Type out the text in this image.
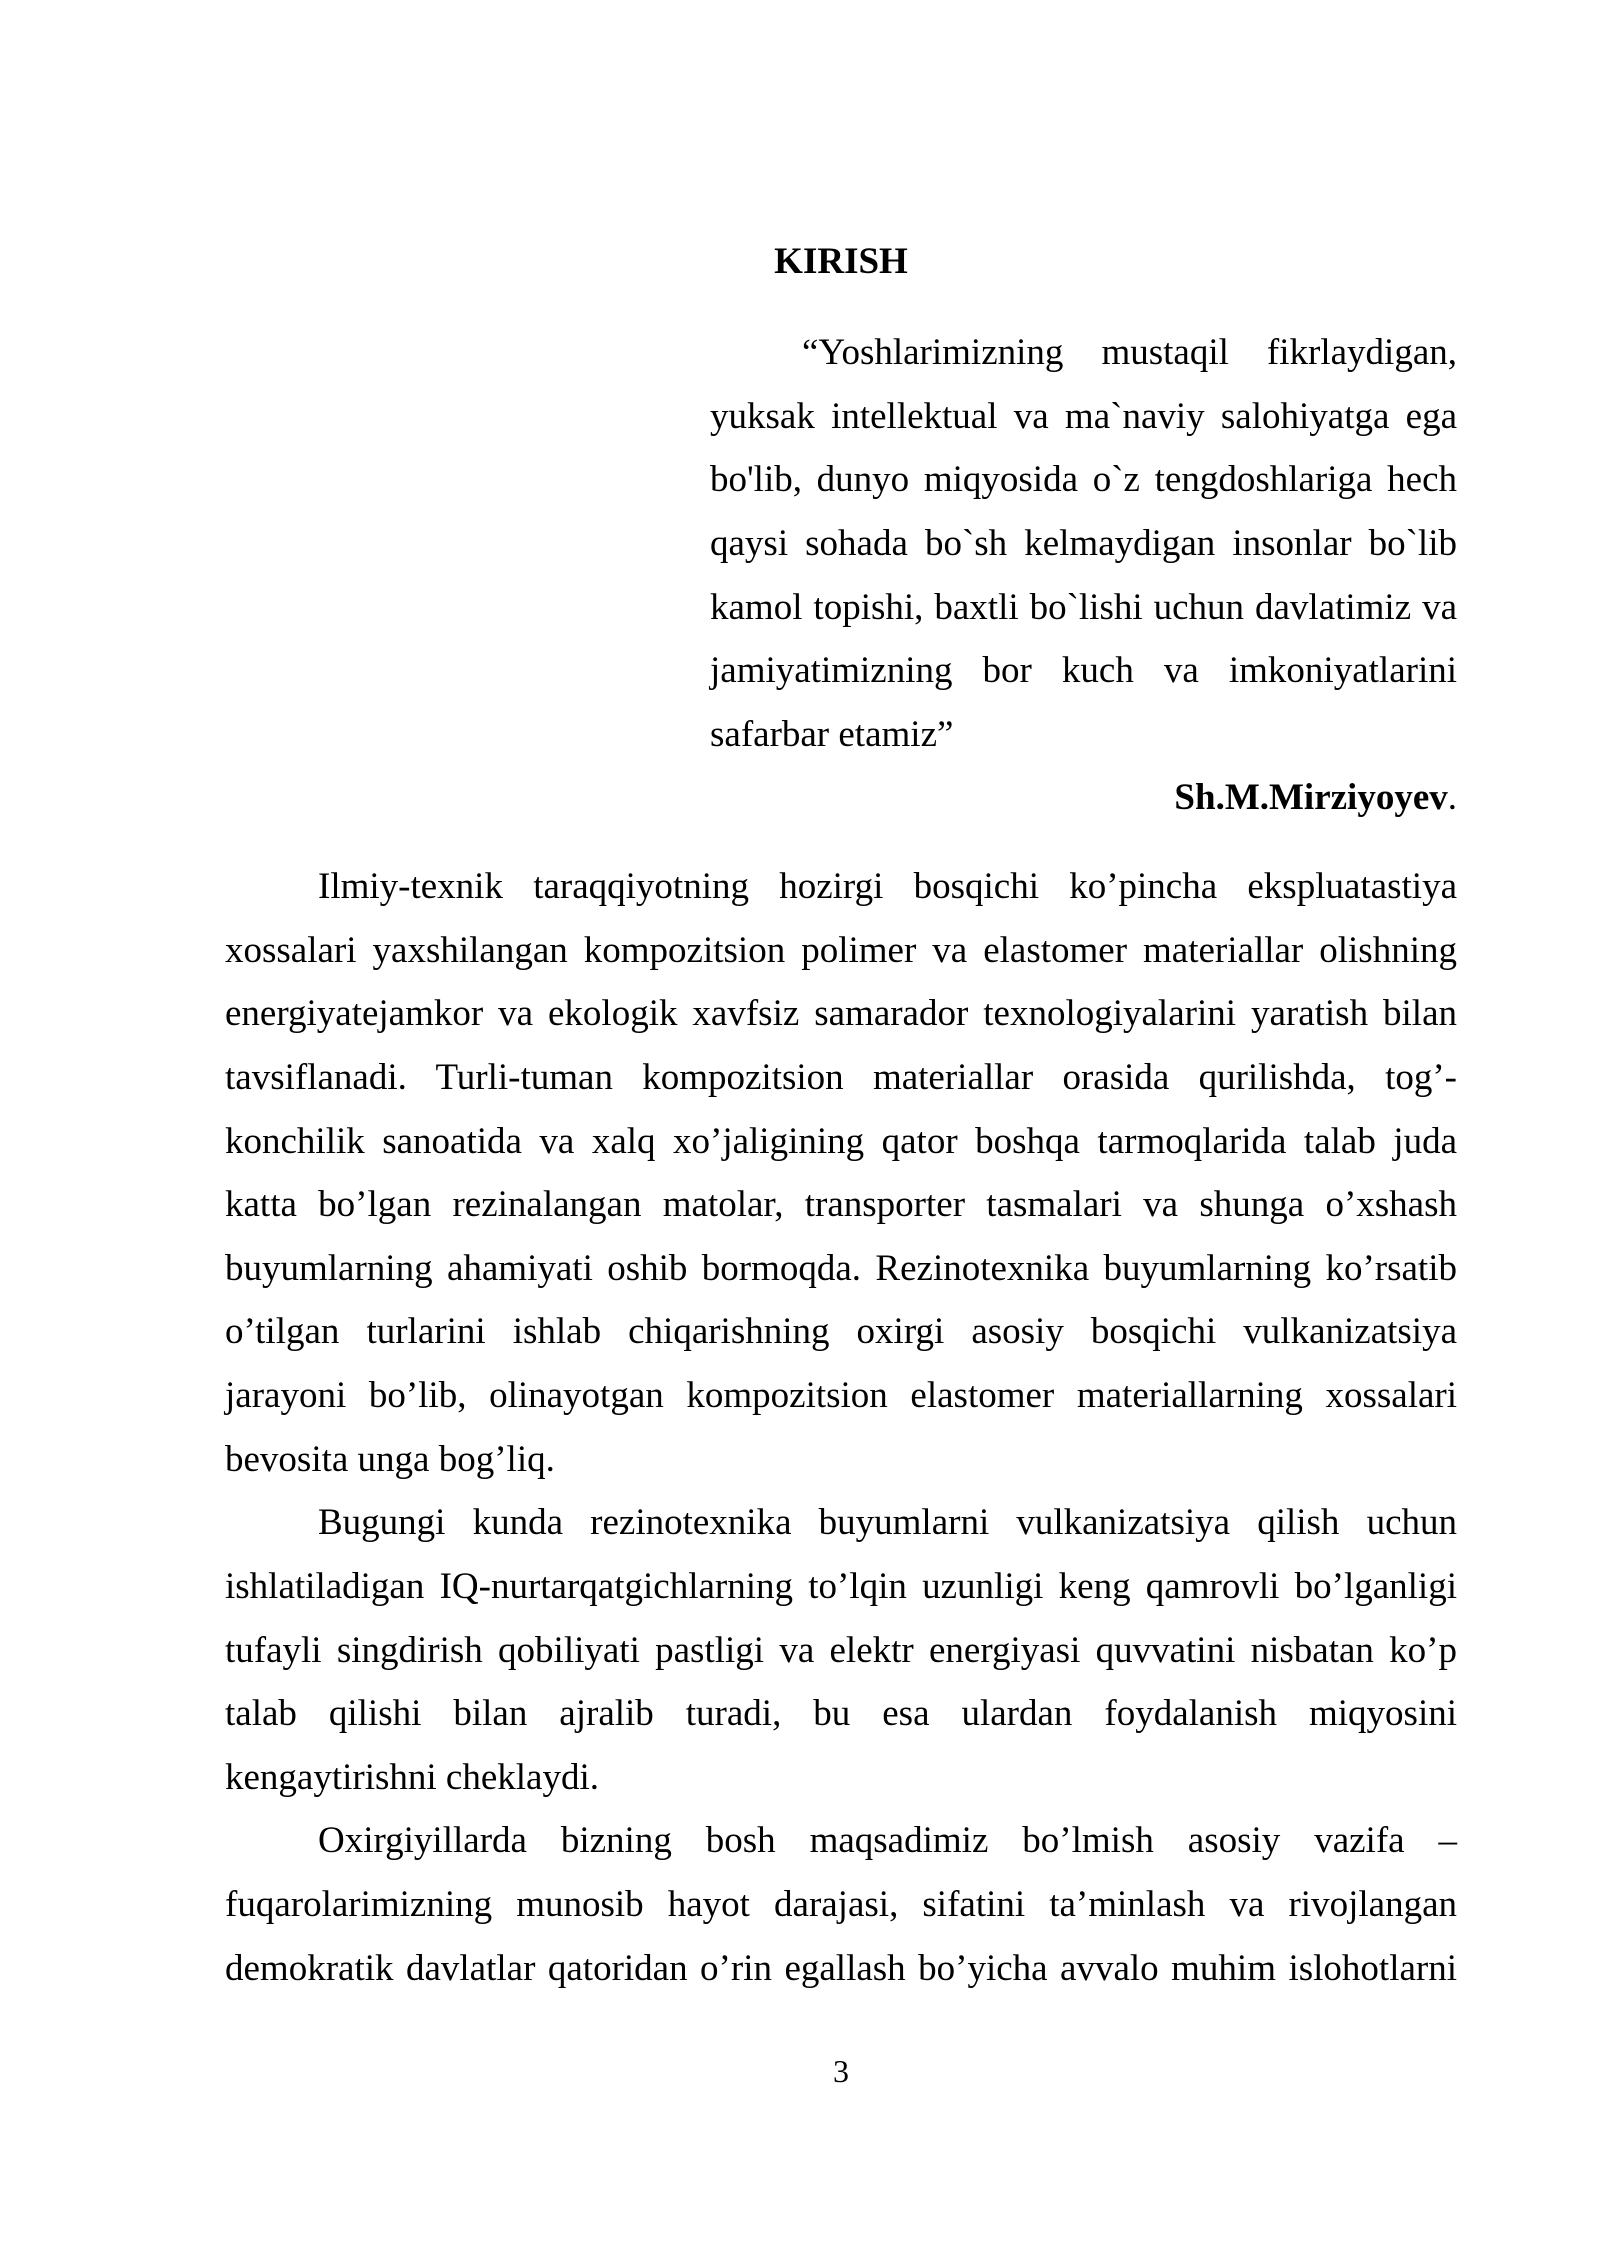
KIRISH
“Yoshlarimizning mustaqil fikrlaydigan,
yuksak intellektual va ma`naviy salohiyatga ega
bo'lib, dunyo miqyosida o`z tengdoshlariga hech
qaysi sohada bo`sh kelmaydigan insonlar bo`lib
kamol topishi, baxtli bo`lishi uchun davlatimiz va
jamiyatimizning bor kuch va imkoniyatlarini
safarbar etamiz”
Sh.M.Mirziyoyev.
Ilmiy-texnik taraqqiyotning hozirgi bosqichi ko’pincha ekspluatastiya
xossalari yaxshilangan kompozitsion polimer va elastomer materiallar olishning
energiyatejamkor va ekologik xavfsiz samarador texnologiyalarini yaratish bilan
tavsiflanadi. Turli-tuman kompozitsion materiallar orasida qurilishda, tog’-
konchilik sanoatida va xalq xo’jaligining qator boshqa tarmoqlarida talab juda
katta bo’lgan rezinalangan matolar, transporter tasmalari va shunga o’xshash
buyumlarning ahamiyati oshib bormoqda. Rezinotexnika buyumlarning ko’rsatib
o’tilgan turlarini ishlab chiqarishning oxirgi asosiy bosqichi vulkanizatsiya
jarayoni bo’lib, olinayotgan kompozitsion elastomer materiallarning xossalari
bevosita unga bog’liq.
Bugungi kunda rezinotexnika buyumlarni vulkanizatsiya qilish uchun
ishlatiladigan IQ-nurtarqatgichlarning to’lqin uzunligi keng qamrovli bo’lganligi
tufayli singdirish qobiliyati pastligi va elektr energiyasi quvvatini nisbatan ko’p
talab qilishi bilan ajralib turadi, bu esa ulardan foydalanish miqyosini
kengaytirishni cheklaydi.
Oxirgiyillarda bizning bosh maqsadimiz bo’lmish asosiy vazifa –
fuqarolarimizning munosib hayot darajasi, sifatini ta’minlash va rivojlangan
demokratik davlatlar qatoridan o’rin egallash bo’yicha avvalo muhim islohotlarni
3
